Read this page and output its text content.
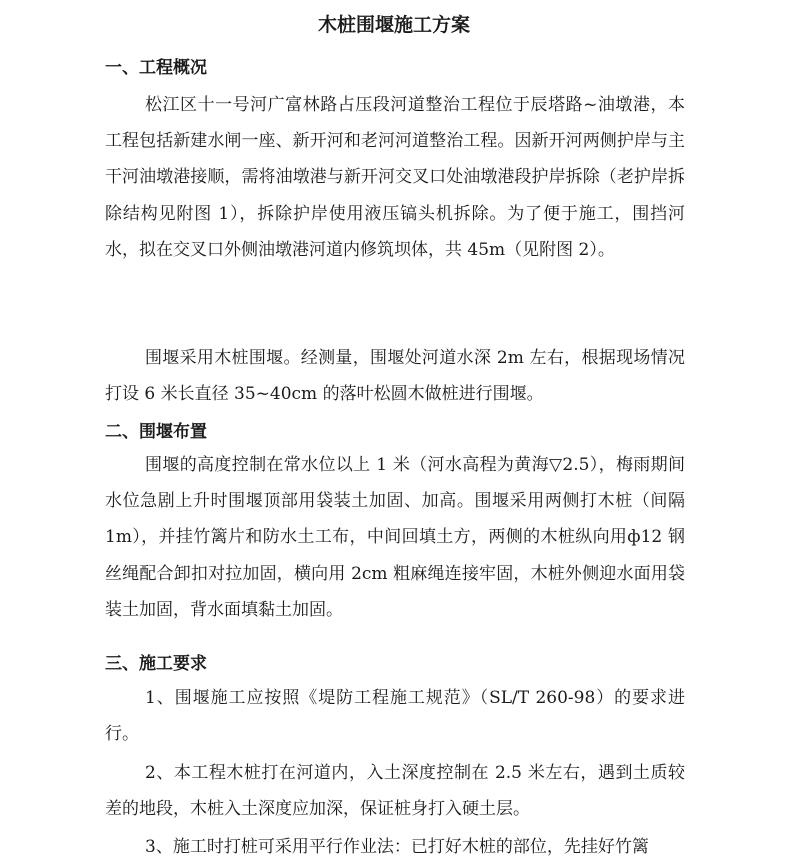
木桩围堰施工方案
一、工程概况

松江区十一号河广富林路占压段河道整治工程位于辰塔路~油墩港，本工程包括新建水闸一座、新开河和老河河道整治工程。因新开河两侧护岸与主干河油墩港接顺，需将油墩港与新开河交叉口处油墩港段护岸拆除（老护岸拆除结构见附图 1），拆除护岸使用液压镐头机拆除。为了便于施工，围挡河水，拟在交叉口外侧油墩港河道内修筑坝体，共 45m（见附图 2）。

围堰采用木桩围堰。经测量，围堰处河道水深 2m 左右，根据现场情况打设 6 米长直径 35~40cm 的落叶松圆木做桩进行围堰。

二、围堰布置

围堰的高度控制在常水位以上 1 米（河水高程为黄海▽2.5），梅雨期间水位急剧上升时围堰顶部用袋装土加固、加高。围堰采用两侧打木桩（间隔 1m），并挂竹篱片和防水土工布，中间回填土方，两侧的木桩纵向用ф12 钢丝绳配合卸扣对拉加固，横向用 2cm 粗麻绳连接牢固，木桩外侧迎水面用袋装土加固，背水面填黏土加固。

三、施工要求

1、围堰施工应按照《堤防工程施工规范》（SL/T 260-98）的要求进行。

2、本工程木桩打在河道内，入土深度控制在 2.5 米左右，遇到土质较差的地段，木桩入土深度应加深，保证桩身打入硬土层。

3、施工时打桩可采用平行作业法：已打好木桩的部位，先挂好竹篱
